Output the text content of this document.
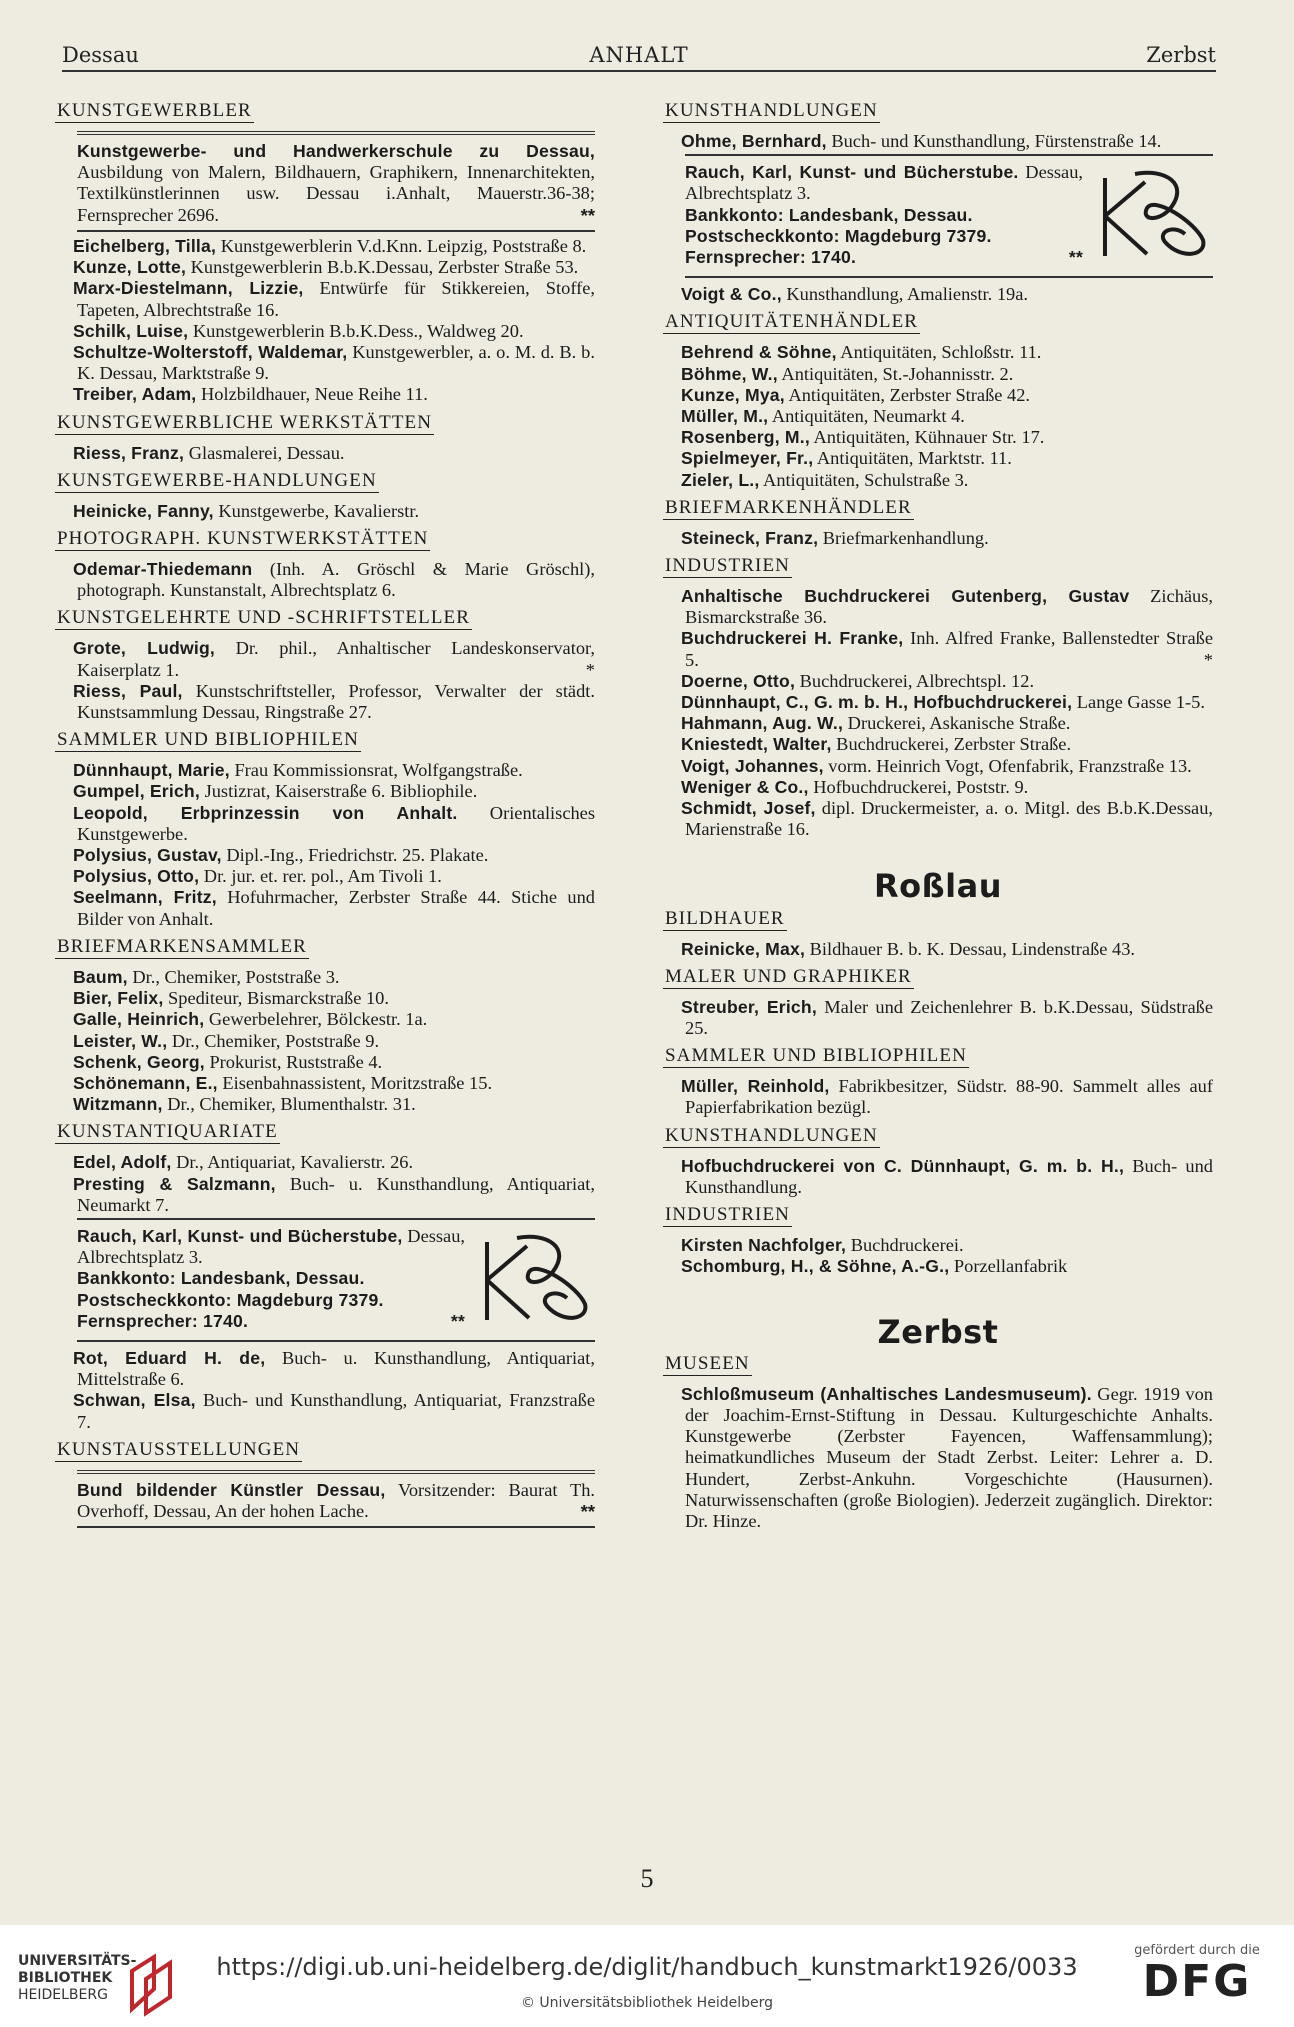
Dessau	ANHALT	Zerbst
KUNSTGEWERBLER

Kunstgewerbe- und Handwerkerschule zu Dessau, Ausbildung von Malern, Bildhauern, Graphikern, Innenarchitekten, Textilkünstlerinnen usw. Dessau i.Anhalt, Mauerstr.36-38; Fernsprecher 2696.	**

Eichelberg, Tilla, Kunstgewerblerin V.d.Knn. Leipzig, Poststraße 8.

Kunze, Lotte, Kunstgewerblerin B.b.K.Dessau, Zerbster Straße 53.

Marx-Diestelmann, Lizzie, Entwürfe für Stikkereien, Stoffe, Tapeten, Albrechtstraße 16.

Schilk, Luise, Kunstgewerblerin B.b.K.Dess., Waldweg 20.

Schultze-Wolterstoff, Waldemar, Kunstgewerbler, a. o. M. d. B. b. K. Dessau, Marktstraße 9.

Treiber, Adam, Holzbildhauer, Neue Reihe 11.

KUNSTGEWERBLICHE WERKSTÄTTEN

Riess, Franz, Glasmalerei, Dessau.

KUNSTGEWERBE-HANDLUNGEN

Heinicke, Fanny, Kunstgewerbe, Kavalierstr.

PHOTOGRAPH. KUNSTWERKSTÄTTEN

Odemar-Thiedemann (Inh. A. Gröschl & Marie Gröschl), photograph. Kunstanstalt, Albrechtsplatz 6.

KUNSTGELEHRTE UND -SCHRIFTSTELLER

Grote, Ludwig, Dr. phil., Anhaltischer Landeskonservator, Kaiserplatz 1.	*

Riess, Paul, Kunstschriftsteller, Professor, Verwalter der städt. Kunstsammlung Dessau, Ringstraße 27.

SAMMLER UND BIBLIOPHILEN

Dünnhaupt, Marie, Frau Kommissionsrat, Wolfgangstraße.

Gumpel, Erich, Justizrat, Kaiserstraße 6. Bibliophile.

Leopold, Erbprinzessin von Anhalt. Orientalisches Kunstgewerbe.

Polysius, Gustav, Dipl.-Ing., Friedrichstr. 25. Plakate.

Polysius, Otto, Dr. jur. et. rer. pol., Am Tivoli 1.

Seelmann, Fritz, Hofuhrmacher, Zerbster Straße 44. Stiche und Bilder von Anhalt.

BRIEFMARKENSAMMLER

Baum, Dr., Chemiker, Poststraße 3.

Bier, Felix, Spediteur, Bismarckstraße 10.

Galle, Heinrich, Gewerbelehrer, Bölckestr. 1a.

Leister, W., Dr., Chemiker, Poststraße 9.

Schenk, Georg, Prokurist, Ruststraße 4.

Schönemann, E., Eisenbahnassistent, Moritzstraße 15.

Witzmann, Dr., Chemiker, Blumenthalstr. 31.

KUNSTANTIQUARIATE

Edel, Adolf, Dr., Antiquariat, Kavalierstr. 26.

Presting & Salzmann, Buch- u. Kunsthandlung, Antiquariat, Neumarkt 7.

Rauch, Karl, Kunst- und Bücherstube, Dessau, Albrechtsplatz 3.

Bankkonto: Landesbank, Dessau.

Postscheckkonto: Magdeburg 7379.

Fernsprecher: 1740.	**

Rot, Eduard H. de, Buch- u. Kunsthandlung, Antiquariat, Mittelstraße 6.

Schwan, Elsa, Buch- und Kunsthandlung, Antiquariat, Franzstraße 7.

KUNSTAUSSTELLUNGEN

Bund bildender Künstler Dessau, Vorsitzender: Baurat Th. Overhoff, Dessau, An der hohen Lache.	**
KUNSTHANDLUNGEN

Ohme, Bernhard, Buch- und Kunsthandlung, Fürstenstraße 14.

Rauch, Karl, Kunst- und Bücherstube. Dessau, Albrechtsplatz 3.

Bankkonto: Landesbank, Dessau.

Postscheckkonto: Magdeburg 7379.

Fernsprecher: 1740.	**

Voigt & Co., Kunsthandlung, Amalienstr. 19a.

ANTIQUITÄTENHÄNDLER

Behrend & Söhne, Antiquitäten, Schloßstr. 11.

Böhme, W., Antiquitäten, St.-Johannisstr. 2.

Kunze, Mya, Antiquitäten, Zerbster Straße 42.

Müller, M., Antiquitäten, Neumarkt 4.

Rosenberg, M., Antiquitäten, Kühnauer Str. 17.

Spielmeyer, Fr., Antiquitäten, Marktstr. 11.

Zieler, L., Antiquitäten, Schulstraße 3.

BRIEFMARKENHÄNDLER

Steineck, Franz, Briefmarkenhandlung.

INDUSTRIEN

Anhaltische Buchdruckerei Gutenberg, Gustav Zichäus, Bismarckstraße 36.

Buchdruckerei H. Franke, Inh. Alfred Franke, Ballenstedter Straße 5.	*

Doerne, Otto, Buchdruckerei, Albrechtspl. 12.

Dünnhaupt, C., G. m. b. H., Hofbuchdruckerei, Lange Gasse 1-5.

Hahmann, Aug. W., Druckerei, Askanische Straße.

Kniestedt, Walter, Buchdruckerei, Zerbster Straße.

Voigt, Johannes, vorm. Heinrich Vogt, Ofenfabrik, Franzstraße 13.

Weniger & Co., Hofbuchdruckerei, Poststr. 9.

Schmidt, Josef, dipl. Druckermeister, a. o. Mitgl. des B.b.K.Dessau, Marienstraße 16.

Roßlau
BILDHAUER

Reinicke, Max, Bildhauer B. b. K. Dessau, Lindenstraße 43.

MALER UND GRAPHIKER

Streuber, Erich, Maler und Zeichenlehrer B. b.K.Dessau, Südstraße 25.

SAMMLER UND BIBLIOPHILEN

Müller, Reinhold, Fabrikbesitzer, Südstr. 88-90. Sammelt alles auf Papierfabrikation bezügl.

KUNSTHANDLUNGEN

Hofbuchdruckerei von C. Dünnhaupt, G. m. b. H., Buch- und Kunsthandlung.

INDUSTRIEN

Kirsten Nachfolger, Buchdruckerei.

Schomburg, H., & Söhne, A.-G., Porzellanfabrik

Zerbst
MUSEEN

Schloßmuseum (Anhaltisches Landesmuseum). Gegr. 1919 von der Joachim-Ernst-Stiftung in Dessau. Kulturgeschichte Anhalts. Kunstgewerbe (Zerbster Fayencen, Waffensammlung); heimatkundliches Museum der Stadt Zerbst. Leiter: Lehrer a. D. Hundert, Zerbst-Ankuhn. Vorgeschichte (Hausurnen). Naturwissenschaften (große Biologien). Jederzeit zugänglich. Direktor: Dr. Hinze.

5
UNIVERSITÄTS-
BIBLIOTHEK
HEIDELBERG
https://digi.ub.uni-heidelberg.de/diglit/handbuch_kunstmarkt1926/0033
© Universitätsbibliothek Heidelberg
gefördert durch die
DFG
